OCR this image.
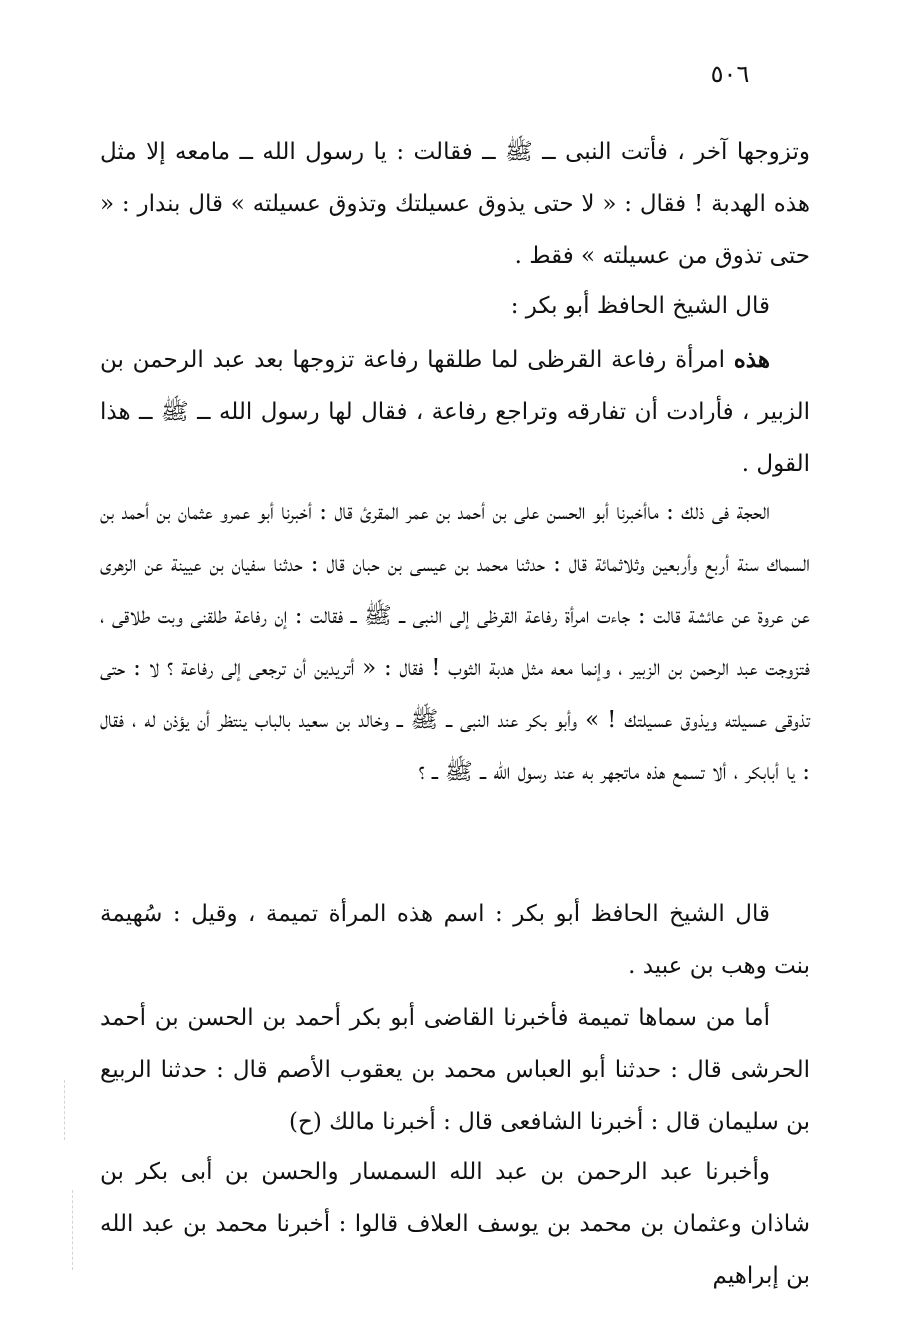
٥٠٦

وتزوجها آخر ، فأتت النبى ــ ﷺ ــ فقالت : يا رسول الله ــ مامعه إلا مثل هذه الهدبة ! فقال : « لا حتى يذوق عسيلتك وتذوق عسيلته » قال بندار : « حتى تذوق من عسيلته » فقط .

قال الشيخ الحافظ أبو بكر :

هذه امرأة رفاعة القرظى لما طلقها رفاعة تزوجها بعد عبد الرحمن بن الزبير ، فأرادت أن تفارقه وتراجع رفاعة ، فقال لها رسول الله ــ ﷺ ــ هذا القول .

الحجة فى ذلك : ماأخبرنا أبو الحسن على بن أحمد بن عمر المقرئ قال : أخبرنا أبو عمرو عثمان بن أحمد بن السماك سنة أربع وأربعين وثلاثمائة قال : حدثنا محمد بن عيسى بن حبان قال : حدثنا سفيان بن عيينة عن الزهرى عن عروة عن عائشة قالت : جاءت امرأة رفاعة القرظى إلى النبى ــ ﷺ ــ فقالت : إن رفاعة طلقنى وبت طلاقى ، فتزوجت عبد الرحمن بن الزبير ، وإنما معه مثل هدبة الثوب ! فقال : « أتريدين أن ترجعى إلى رفاعة ؟ لا : حتى تذوقى عسيلته ويذوق عسيلتك ! » وأبو بكر عند النبى ــ ﷺ ــ وخالد بن سعيد بالباب ينتظر أن يؤذن له ، فقال : يا أبابكر ، ألا تسمع هذه ماتجهر به عند رسول الله ــ ﷺ ــ ؟

قال الشيخ الحافظ أبو بكر : اسم هذه المرأة تميمة ، وقيل : سُهيمة بنت وهب بن عبيد .

أما من سماها تميمة فأخبرنا القاضى أبو بكر أحمد بن الحسن بن أحمد الحرشى قال : حدثنا أبو العباس محمد بن يعقوب الأصم قال : حدثنا الربيع بن سليمان قال : أخبرنا الشافعى قال : أخبرنا مالك (ح)

وأخبرنا عبد الرحمن بن عبد الله السمسار والحسن بن أبى بكر بن شاذان وعثمان بن محمد بن يوسف العلاف قالوا : أخبرنا محمد بن عبد الله بن إبراهيم
